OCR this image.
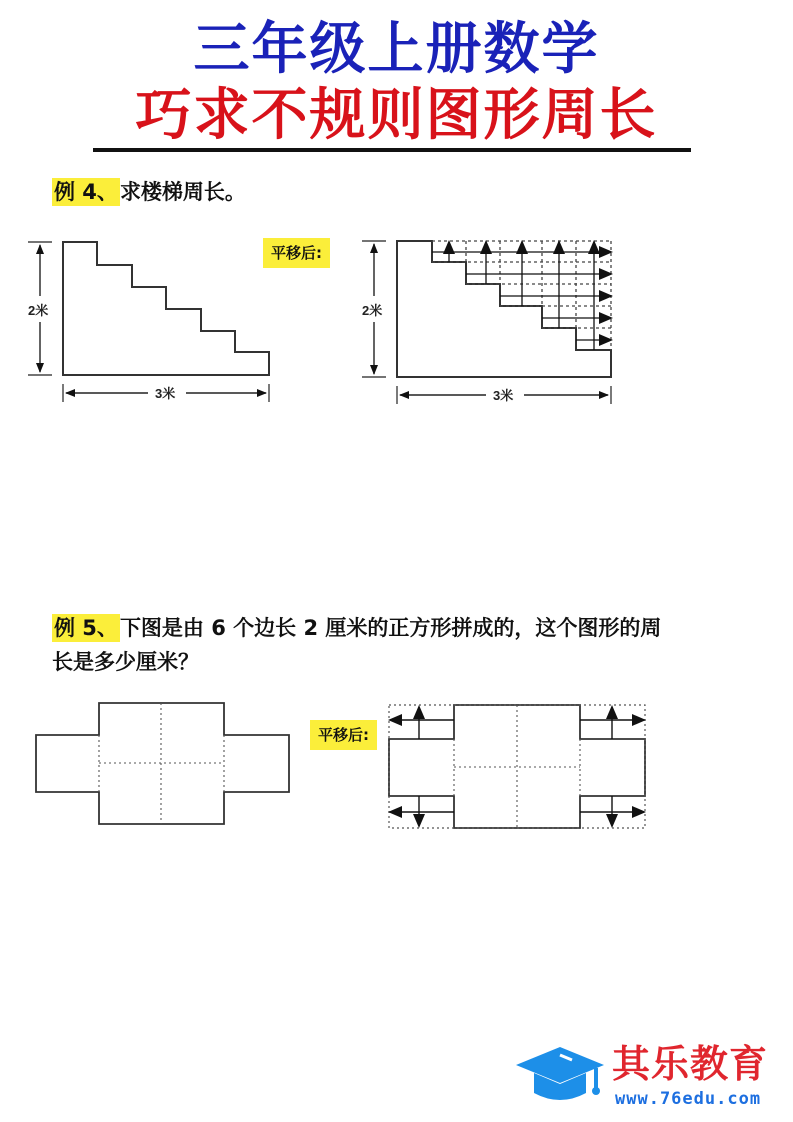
三年级上册数学
巧求不规则图形周长
例 4、求楼梯周长。
平移后:
2米
3米
2米
3米
例 5、下图是由 6 个边长 2 厘米的正方形拼成的，这个图形的周
长是多少厘米？
平移后:
其乐教育
www.76edu.com
